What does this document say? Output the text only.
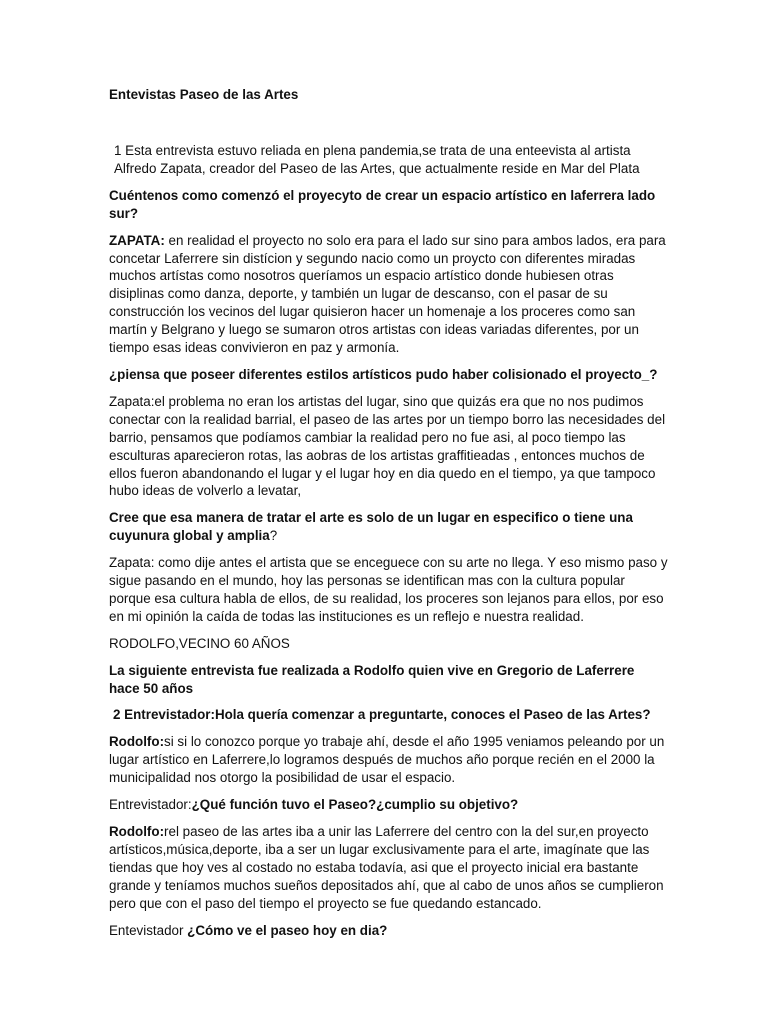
Entevistas Paseo de las Artes

1 Esta entrevista estuvo reliada en plena pandemia,se trata de una enteevista al artista Alfredo Zapata, creador del Paseo de las Artes, que actualmente reside en Mar del Plata

Cuéntenos como comenzó el proyecyto de crear un espacio artístico en laferrera lado sur?

ZAPATA: en realidad el proyecto no solo era para el lado sur sino para ambos lados, era para concetar Laferrere sin distícion y segundo nacio como un proycto con diferentes miradas muchos artístas como nosotros queríamos un espacio artístico donde hubiesen otras disiplinas como danza, deporte, y también un lugar de descanso, con el pasar de su construcción los vecinos del lugar quisieron hacer un homenaje a los proceres como san martín y Belgrano y luego se sumaron otros artistas con ideas variadas diferentes, por un tiempo esas ideas convivieron en paz y armonía.

¿piensa que poseer diferentes estilos artísticos pudo haber colisionado el proyecto_?

Zapata:el problema no eran los artistas del lugar, sino que quizás era que no nos pudimos conectar con la realidad barrial, el paseo de las artes por un tiempo borro las necesidades del barrio, pensamos que podíamos cambiar la realidad pero no fue asi, al poco tiempo las esculturas aparecieron rotas, las aobras de los artistas graffitieadas , entonces muchos de ellos fueron abandonando el lugar y el lugar hoy en dia quedo en el tiempo, ya que tampoco hubo ideas de volverlo a levatar,

Cree que esa manera de tratar el arte es solo de un lugar en especifico o tiene una cuyunura global y amplia?

Zapata: como dije antes el artista que se enceguece con su arte no llega. Y eso mismo paso y sigue pasando en el mundo, hoy las personas se identifican mas con la cultura popular porque esa cultura habla de ellos, de su realidad, los proceres son lejanos para ellos, por eso en mi opinión la caída de todas las instituciones es un reflejo e nuestra realidad.

RODOLFO,VECINO 60 AÑOS

La siguiente entrevista fue realizada a Rodolfo quien vive en Gregorio de Laferrere hace 50 años

2 Entrevistador:Hola quería comenzar a preguntarte, conoces el Paseo de las Artes?

Rodolfo:si si lo conozco porque yo trabaje ahí, desde el año 1995 veniamos peleando por un lugar artístico en Laferrere,lo logramos después de muchos año porque recién en el 2000 la municipalidad nos otorgo la posibilidad de usar el espacio.

Entrevistador:¿Qué función tuvo el Paseo?¿cumplio su objetivo?

Rodolfo:rel paseo de las artes iba a unir las Laferrere del centro con la del sur,en proyecto artísticos,música,deporte, iba a ser un lugar exclusivamente para el arte, imagínate que las tiendas que hoy ves al costado no estaba todavía, asi que el proyecto inicial era bastante grande y teníamos muchos sueños depositados ahí, que al cabo de unos años se cumplieron pero que con el paso del tiempo el proyecto se fue quedando estancado.

Entevistador ¿Cómo ve el paseo hoy en dia?
